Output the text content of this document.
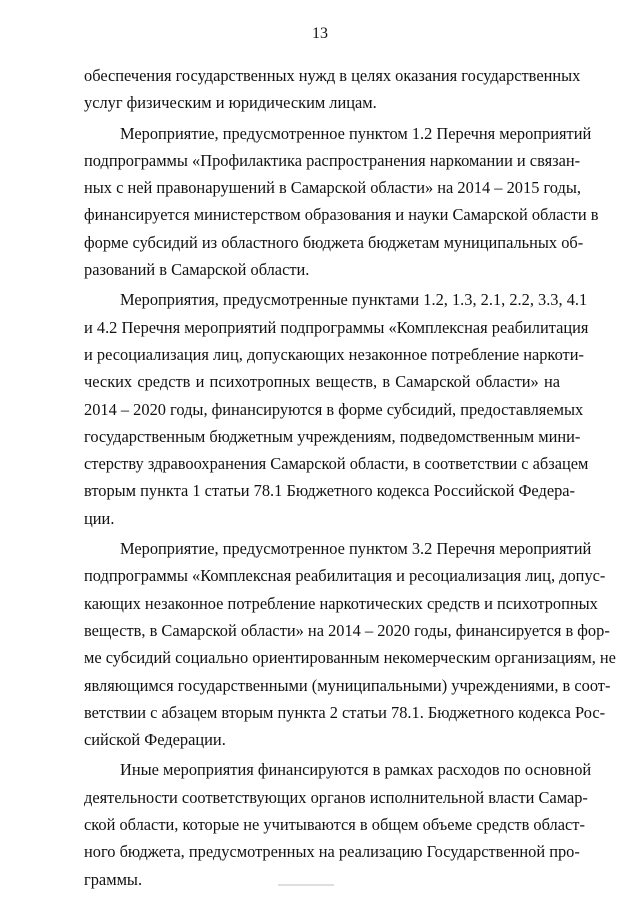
13
обеспечения государственных нужд в целях оказания государственных
услуг физическим и юридическим лицам.
Мероприятие, предусмотренное пунктом 1.2 Перечня мероприятий
подпрограммы «Профилактика распространения наркомании и связан-
ных с ней правонарушений в Самарской области» на 2014 – 2015 годы,
финансируется министерством образования и науки Самарской области в
форме субсидий из областного бюджета бюджетам муниципальных об-
разований в Самарской области.
Мероприятия, предусмотренные пунктами 1.2, 1.3, 2.1, 2.2, 3.3, 4.1
и 4.2 Перечня мероприятий подпрограммы «Комплексная реабилитация
и ресоциализация лиц, допускающих незаконное потребление наркоти-
ческих средств и психотропных веществ, в Самарской области» на
2014 – 2020 годы, финансируются в форме субсидий, предоставляемых
государственным бюджетным учреждениям, подведомственным мини-
стерству здравоохранения Самарской области, в соответствии с абзацем
вторым пункта 1 статьи 78.1 Бюджетного кодекса Российской Федера-
ции.
Мероприятие, предусмотренное пунктом 3.2 Перечня мероприятий
подпрограммы «Комплексная реабилитация и ресоциализация лиц, допус-
кающих незаконное потребление наркотических средств и психотропных
веществ, в Самарской области» на 2014 – 2020 годы, финансируется в фор-
ме субсидий социально ориентированным некомерческим организациям, не
являющимся государственными (муниципальными) учреждениями, в соот-
ветствии с абзацем вторым пункта 2 статьи 78.1. Бюджетного кодекса Рос-
сийской Федерации.
Иные мероприятия финансируются в рамках расходов по основной
деятельности соответствующих органов исполнительной власти Самар-
ской области, которые не учитываются в общем объеме средств област-
ного бюджета, предусмотренных на реализацию Государственной про-
граммы.
